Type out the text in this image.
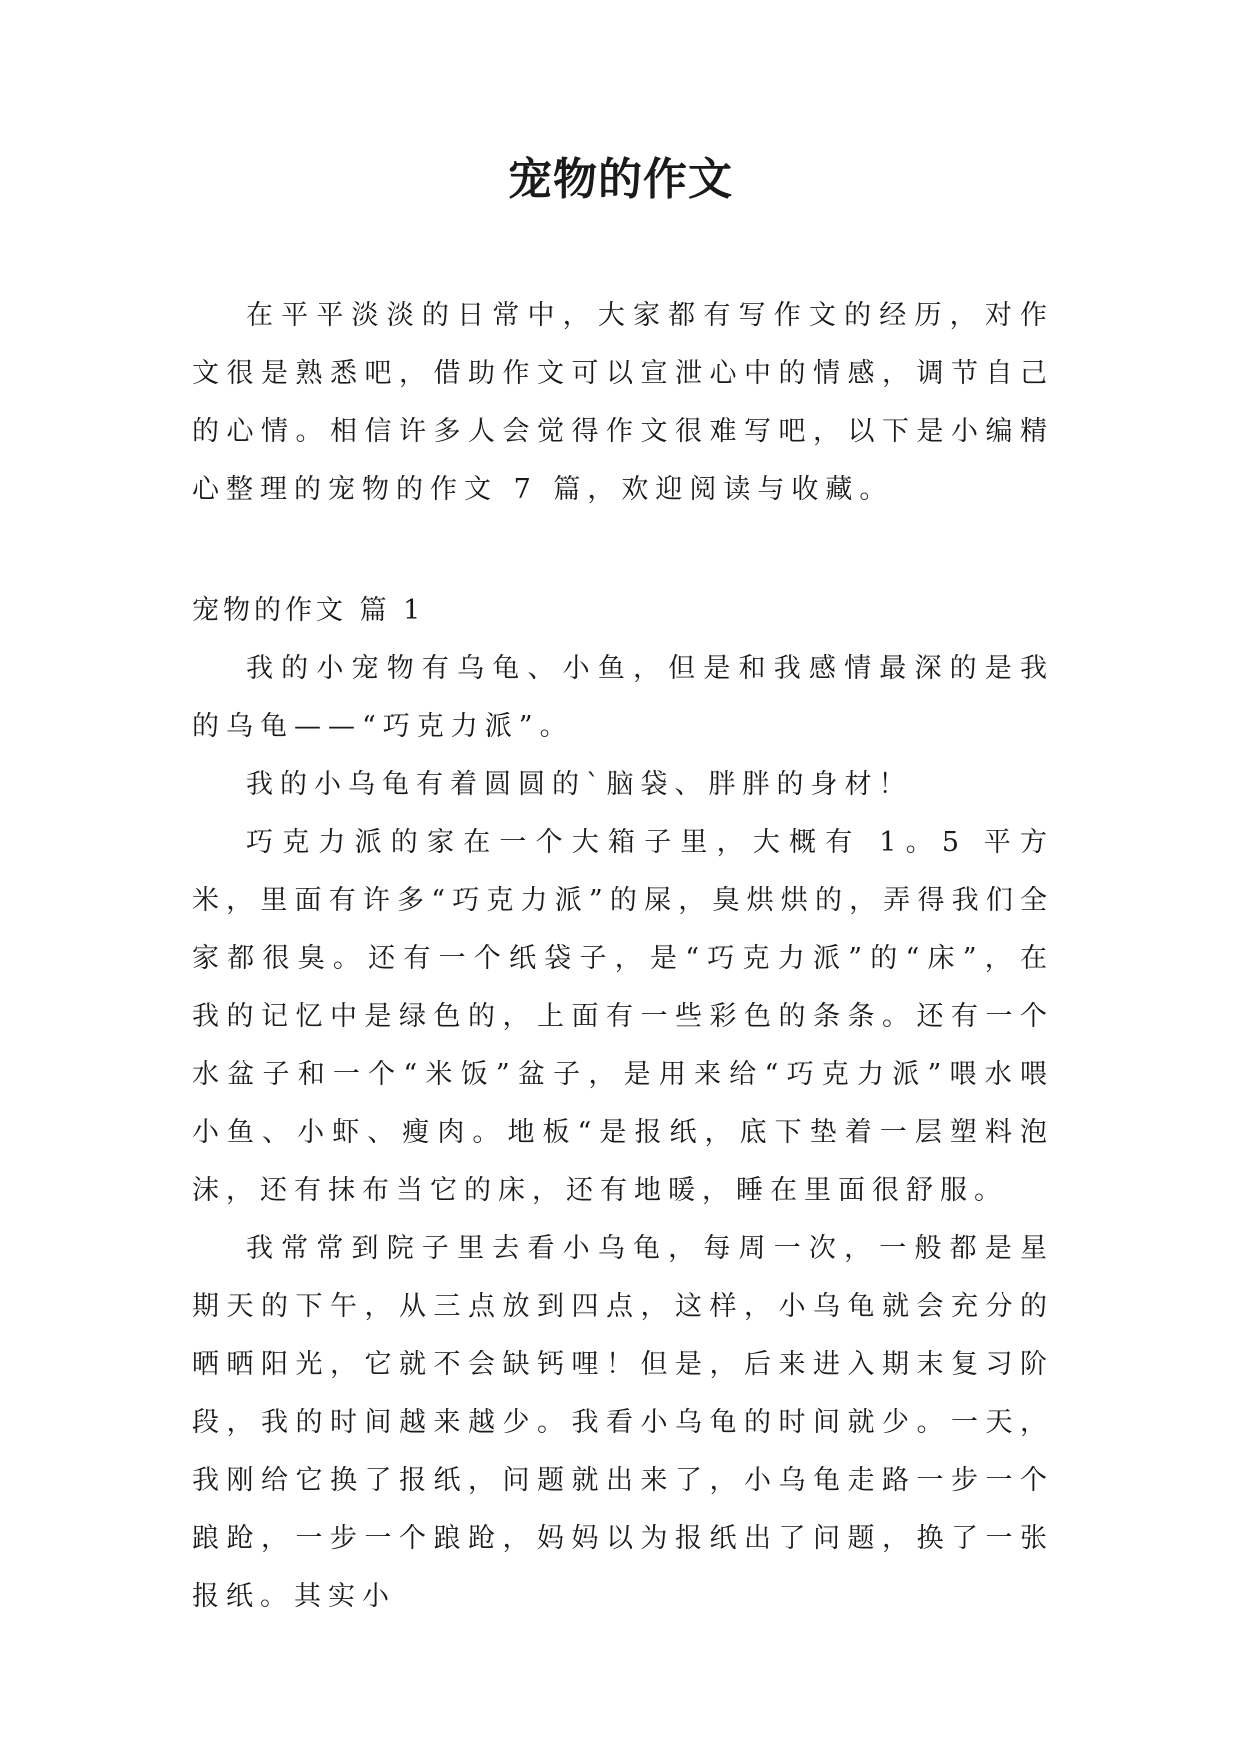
宠物的作文

在平平淡淡的日常中，大家都有写作文的经历，对作文很是熟悉吧，借助作文可以宣泄心中的情感，调节自己的心情。相信许多人会觉得作文很难写吧，以下是小编精心整理的宠物的作文 7 篇，欢迎阅读与收藏。

宠物的作文 篇 1

我的小宠物有乌龟、小鱼，但是和我感情最深的是我的乌龟——“巧克力派”。

我的小乌龟有着圆圆的`脑袋、胖胖的身材！

巧克力派的家在一个大箱子里，大概有 1。5 平方米，里面有许多“巧克力派”的屎，臭烘烘的，弄得我们全家都很臭。还有一个纸袋子，是“巧克力派”的“床”，在我的记忆中是绿色的，上面有一些彩色的条条。还有一个水盆子和一个“米饭”盆子，是用来给“巧克力派”喂水喂小鱼、小虾、瘦肉。地板“是报纸，底下垫着一层塑料泡沫，还有抹布当它的床，还有地暖，睡在里面很舒服。

我常常到院子里去看小乌龟，每周一次，一般都是星期天的下午，从三点放到四点，这样，小乌龟就会充分的晒晒阳光，它就不会缺钙哩！但是，后来进入期末复习阶段，我的时间越来越少。我看小乌龟的时间就少。一天，我刚给它换了报纸，问题就出来了，小乌龟走路一步一个踉跄，一步一个踉跄，妈妈以为报纸出了问题，换了一张报纸。其实小
